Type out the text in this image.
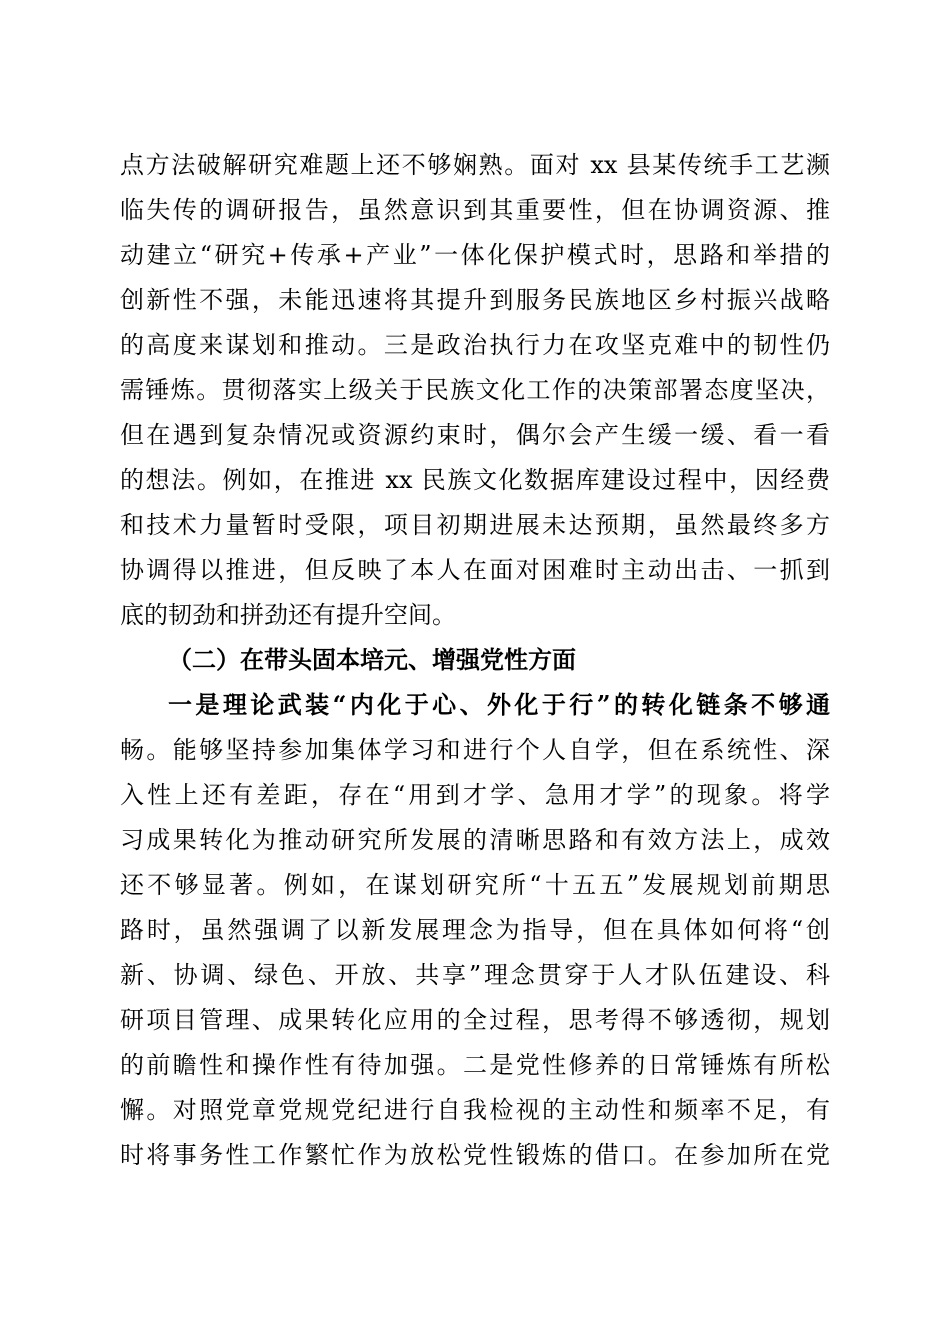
点方法破解研究难题上还不够娴熟。面对 xx 县某传统手工艺濒
临失传的调研报告，虽然意识到其重要性，但在协调资源、推
动建立“研究+传承+产业”一体化保护模式时，思路和举措的
创新性不强，未能迅速将其提升到服务民族地区乡村振兴战略
的高度来谋划和推动。三是政治执行力在攻坚克难中的韧性仍
需锤炼。贯彻落实上级关于民族文化工作的决策部署态度坚决，
但在遇到复杂情况或资源约束时，偶尔会产生缓一缓、看一看
的想法。例如，在推进 xx 民族文化数据库建设过程中，因经费
和技术力量暂时受限，项目初期进展未达预期，虽然最终多方
协调得以推进，但反映了本人在面对困难时主动出击、一抓到
底的韧劲和拼劲还有提升空间。
（二）在带头固本培元、增强党性方面
一是理论武装“内化于心、外化于行”的转化链条不够通
畅。能够坚持参加集体学习和进行个人自学，但在系统性、深
入性上还有差距，存在“用到才学、急用才学”的现象。将学
习成果转化为推动研究所发展的清晰思路和有效方法上，成效
还不够显著。例如，在谋划研究所“十五五”发展规划前期思
路时，虽然强调了以新发展理念为指导，但在具体如何将“创
新、协调、绿色、开放、共享”理念贯穿于人才队伍建设、科
研项目管理、成果转化应用的全过程，思考得不够透彻，规划
的前瞻性和操作性有待加强。二是党性修养的日常锤炼有所松
懈。对照党章党规党纪进行自我检视的主动性和频率不足，有
时将事务性工作繁忙作为放松党性锻炼的借口。在参加所在党
